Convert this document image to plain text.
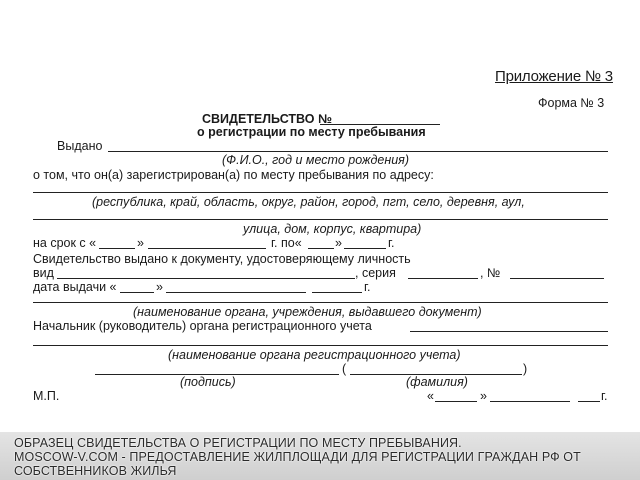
Приложение № 3
Форма № 3
СВИДЕТЕЛЬСТВО №
о регистрации по месту пребывания
Выдано
(Ф.И.О., год и место рождения)
о том, что он(а) зарегистрирован(а) по месту пребывания по адресу:
(республика, край, область, округ, район, город, пгт, село, деревня, аул,
улица, дом, корпус, квартира)
на срок с «	»	г. по«	»	г.
Свидетельство выдано к документу, удостоверяющему личность
вид	, серия	, №
дата выдачи «	»	г.
(наименование органа, учреждения, выдавшего документ)
Начальник (руководитель) органа регистрационного учета
(наименование органа регистрационного учета)
(	)
(подпись)	(фамилия)
М.П.	«	»	г.
ОБРАЗЕЦ СВИДЕТЕЛЬСТВА О РЕГИСТРАЦИИ ПО МЕСТУ ПРЕБЫВАНИЯ.
MOSCOW-V.COM - ПРЕДОСТАВЛЕНИЕ ЖИЛПЛОЩАДИ ДЛЯ РЕГИСТРАЦИИ ГРАЖДАН РФ ОТ
СОБСТВЕННИКОВ ЖИЛЬЯ
